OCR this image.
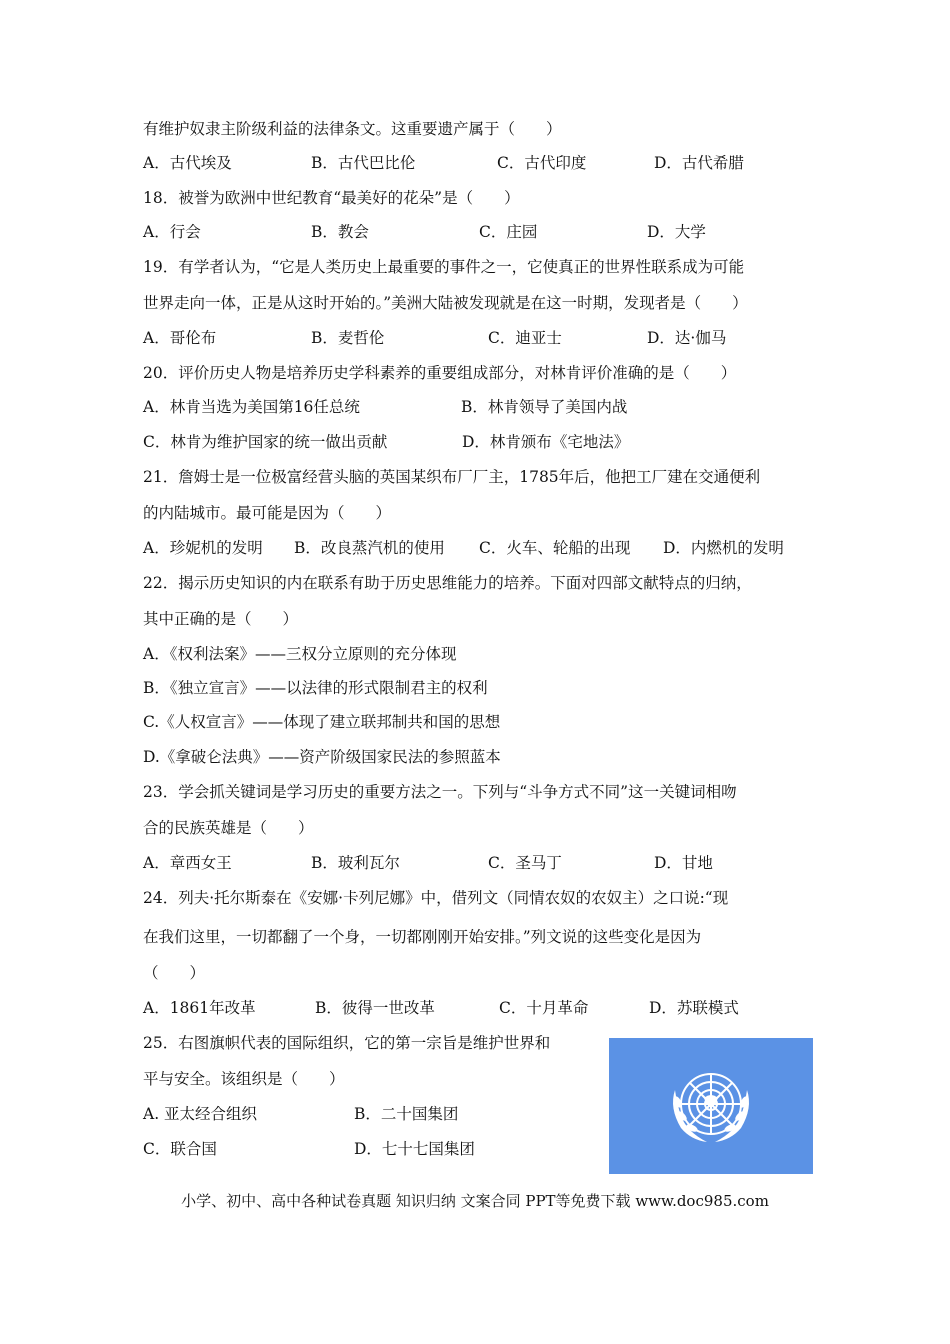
有维护奴隶主阶级利益的法律条文。这重要遗产属于（　　）
A．古代埃及	B．古代巴比伦	C．古代印度	D．古代希腊
18．被誉为欧洲中世纪教育“最美好的花朵”是（　　）
A．行会	B．教会	C．庄园	D．大学
19．有学者认为，“它是人类历史上最重要的事件之一，它使真正的世界性联系成为可能
世界走向一体，正是从这时开始的。”美洲大陆被发现就是在这一时期，发现者是（　　）
A．哥伦布	B．麦哲伦	C．迪亚士	D．达·伽马
20．评价历史人物是培养历史学科素养的重要组成部分，对林肯评价准确的是（　　）
A．林肯当选为美国第16任总统	B．林肯领导了美国内战
C．林肯为维护国家的统一做出贡献	D．林肯颁布《宅地法》
21．詹姆士是一位极富经营头脑的英国某织布厂厂主，1785年后，他把工厂建在交通便利
的内陆城市。最可能是因为（　　）
A．珍妮机的发明 B．改良蒸汽机的使用 C．火车、轮船的出现 D．内燃机的发明
22．揭示历史知识的内在联系有助于历史思维能力的培养。下面对四部文献特点的归纳，
其中正确的是（　　）
A．《权利法案》——三权分立原则的充分体现
B．《独立宣言》——以法律的形式限制君主的权利
C.《人权宣言》——体现了建立联邦制共和国的思想
D.《拿破仑法典》——资产阶级国家民法的参照蓝本
23．学会抓关键词是学习历史的重要方法之一。下列与“斗争方式不同”这一关键词相吻
合的民族英雄是（　　）
A．章西女王	B．玻利瓦尔	C．圣马丁	D．甘地
24．列夫·托尔斯泰在《安娜·卡列尼娜》中，借列文（同情农奴的农奴主）之口说:“现
在我们这里，一切都翻了一个身，一切都刚刚开始安排。”列文说的这些变化是因为
（　　）
A．1861年改革	B．彼得一世改革	C．十月革命	D．苏联模式
25．右图旗帜代表的国际组织，它的第一宗旨是维护世界和
平与安全。该组织是（　　）
A. 亚太经合组织	B．二十国集团
C．联合国	D．七十七国集团
小学、初中、高中各种试卷真题 知识归纳 文案合同 PPT等免费下载 www.doc985.com
